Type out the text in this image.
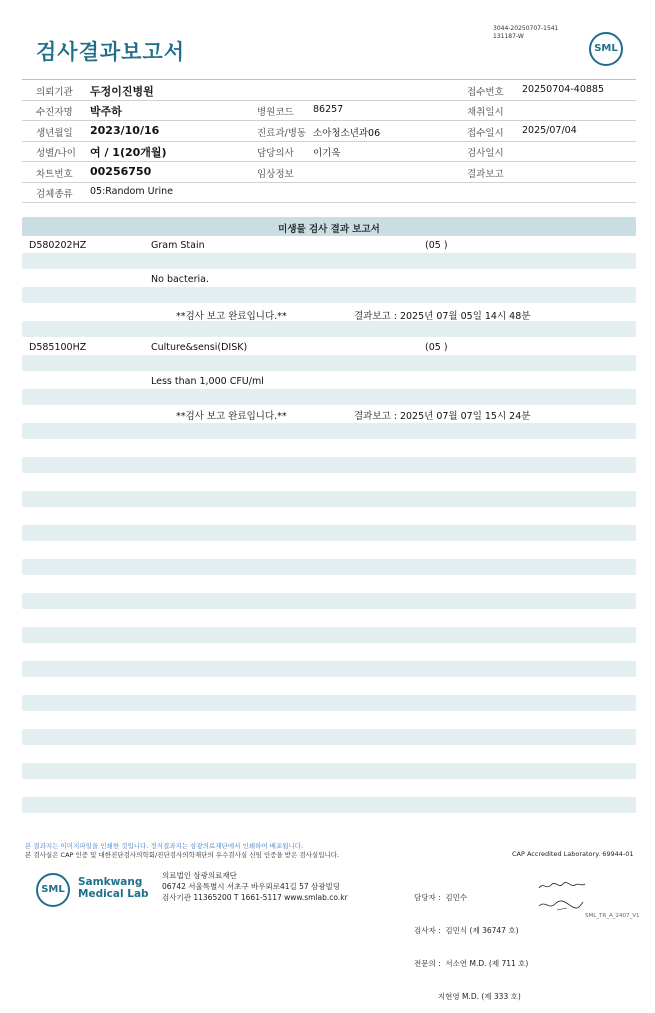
검사결과보고서
3044-20250707-1541
131187-W
SML
의뢰기관 두정이진병원	접수번호 20250704-40885
수진자명 박주하	병원코드 86257	채취일시
생년월일 2023/10/16	진료과/병동 소아청소년과06	접수일시 2025/07/04
성별/나이 여 / 1(20개월)	담당의사 이기욱	검사일시
차트번호 00256750	임상정보	결과보고
검체종류 05:Random Urine
미생물 검사 결과 보고서
D580202HZ	Gram Stain	(05 )
No bacteria.
**검사 보고 완료입니다.**	결과보고 : 2025년 07월 05일 14시 48분
D585100HZ	Culture&sensi(DISK)	(05 )
Less than 1,000 CFU/ml
**검사 보고 완료입니다.**	결과보고 : 2025년 07월 07일 15시 24분
본 결과지는 이미지파일을 인쇄한 것입니다. 정식결과지는 삼광의료재단에서 인쇄하여 배포됩니다.
본 검사실은 CAP 인증 및 대한진단검사의학회/진단검사의학재단의 우수검사실 신임 인증을 받은 검사실입니다.	CAP Accredited Laboratory. 69944-01
SML
Samkwang
Medical Lab
의료법인 삼광의료재단
06742 서울특별시 서초구 바우뫼로41길 57 삼광빌딩
검사기관 11365200 T 1661-5117 www.smlab.co.kr

	담당자 :  김민수

검사자 :  김민식 (제 36747 호)

전문의 :  서소연 M.D. (제 711 호)

지현영 M.D. (제 333 호)

SML_TR_A_2407_V1
